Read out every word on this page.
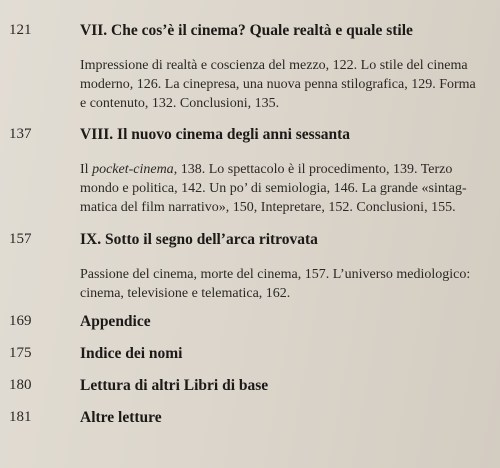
121	VII. Che cos’è il cinema? Quale realtà e quale stile
Impressione di realtà e coscienza del mezzo, 122. Lo stile del cinema
moderno, 126. La cinepresa, una nuova penna stilografica, 129. Forma
e contenuto, 132. Conclusioni, 135.
137	VIII. Il nuovo cinema degli anni sessanta
Il pocket-cinema, 138. Lo spettacolo è il procedimento, 139. Terzo
mondo e politica, 142. Un po’ di semiologia, 146. La grande «sintag-
matica del film narrativo», 150, Intepretare, 152. Conclusioni, 155.
157	IX. Sotto il segno dell’arca ritrovata
Passione del cinema, morte del cinema, 157. L’universo mediologico:
cinema, televisione e telematica, 162.
169	Appendice
175	Indice dei nomi
180	Lettura di altri Libri di base
181	Altre letture
